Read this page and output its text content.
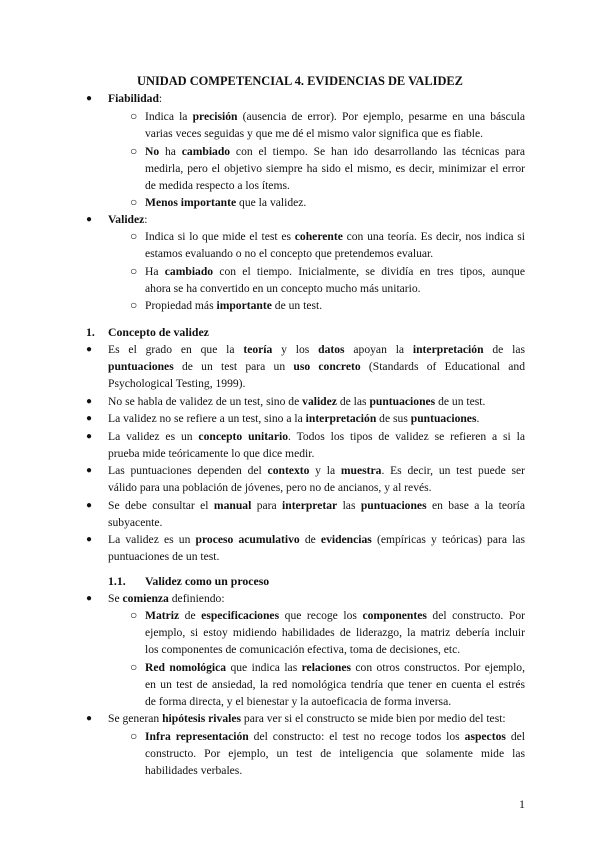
UNIDAD COMPETENCIAL 4. EVIDENCIAS DE VALIDEZ
● Fiabilidad:

○ Indica la precisión (ausencia de error). Por ejemplo, pesarme en una báscula

varias veces seguidas y que me dé el mismo valor significa que es fiable.

○ No ha cambiado con el tiempo. Se han ido desarrollando las técnicas para

medirla, pero el objetivo siempre ha sido el mismo, es decir, minimizar el error

de medida respecto a los ítems.

○ Menos importante que la validez.

● Validez:

○ Indica si lo que mide el test es coherente con una teoría. Es decir, nos indica si

estamos evaluando o no el concepto que pretendemos evaluar.

○ Ha cambiado con el tiempo. Inicialmente, se dividía en tres tipos, aunque

ahora se ha convertido en un concepto mucho más unitario.

○ Propiedad más importante de un test.

1. Concepto de validez
● Es el grado en que la teoría y los datos apoyan la interpretación de las

puntuaciones de un test para un uso concreto (Standards of Educational and

Psychological Testing, 1999).

● No se habla de validez de un test, sino de validez de las puntuaciones de un test.

● La validez no se refiere a un test, sino a la interpretación de sus puntuaciones.

● La validez es un concepto unitario. Todos los tipos de validez se refieren a si la

prueba mide teóricamente lo que dice medir.

● Las puntuaciones dependen del contexto y la muestra. Es decir, un test puede ser

válido para una población de jóvenes, pero no de ancianos, y al revés.

● Se debe consultar el manual para interpretar las puntuaciones en base a la teoría

subyacente.

● La validez es un proceso acumulativo de evidencias (empíricas y teóricas) para las

puntuaciones de un test.

1.1. Validez como un proceso
● Se comienza definiendo:

○ Matriz de especificaciones que recoge los componentes del constructo. Por

ejemplo, si estoy midiendo habilidades de liderazgo, la matriz debería incluir

los componentes de comunicación efectiva, toma de decisiones, etc.

○ Red nomológica que indica las relaciones con otros constructos. Por ejemplo,

en un test de ansiedad, la red nomológica tendría que tener en cuenta el estrés

de forma directa, y el bienestar y la autoeficacia de forma inversa.

● Se generan hipótesis rivales para ver si el constructo se mide bien por medio del test:

○ Infra representación del constructo: el test no recoge todos los aspectos del

constructo. Por ejemplo, un test de inteligencia que solamente mide las

habilidades verbales.

1
